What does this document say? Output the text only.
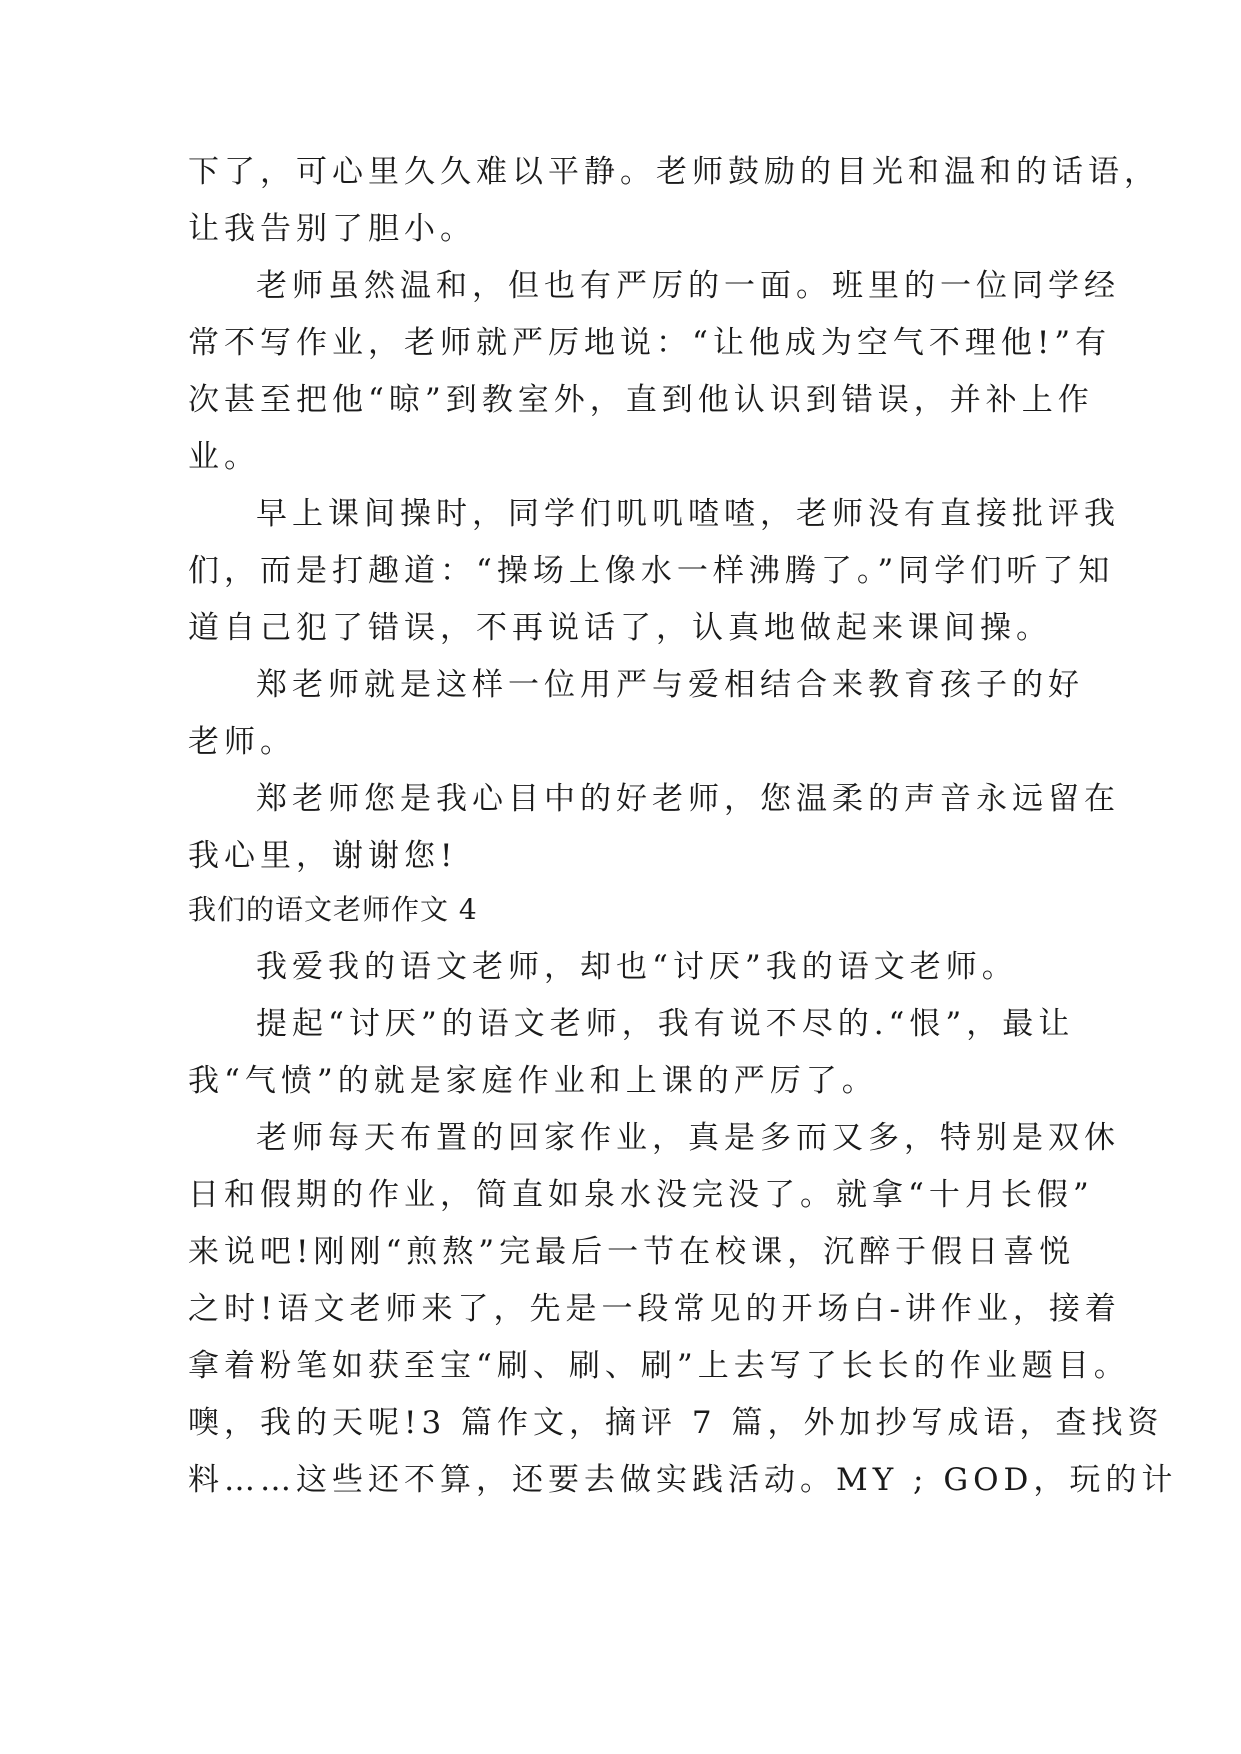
下了，可心里久久难以平静。老师鼓励的目光和温和的话语，
让我告别了胆小。
老师虽然温和，但也有严厉的一面。班里的一位同学经
常不写作业，老师就严厉地说：“让他成为空气不理他!”有
次甚至把他“晾”到教室外，直到他认识到错误，并补上作
业。
早上课间操时，同学们叽叽喳喳，老师没有直接批评我
们，而是打趣道：“操场上像水一样沸腾了。”同学们听了知
道自己犯了错误，不再说话了，认真地做起来课间操。
郑老师就是这样一位用严与爱相结合来教育孩子的好
老师。
郑老师您是我心目中的好老师，您温柔的声音永远留在
我心里，谢谢您!
我们的语文老师作文 4
我爱我的语文老师，却也“讨厌”我的语文老师。
提起“讨厌”的语文老师，我有说不尽的.“恨”，最让
我“气愤”的就是家庭作业和上课的严厉了。
老师每天布置的回家作业，真是多而又多，特别是双休
日和假期的作业，简直如泉水没完没了。就拿“十月长假”
来说吧!刚刚“煎熬”完最后一节在校课，沉醉于假日喜悦
之时!语文老师来了，先是一段常见的开场白-讲作业，接着
拿着粉笔如获至宝“刷、刷、刷”上去写了长长的作业题目。
噢，我的天呢!3 篇作文，摘评 7 篇，外加抄写成语，查找资
料……这些还不算，还要去做实践活动。MY ; GOD，玩的计
